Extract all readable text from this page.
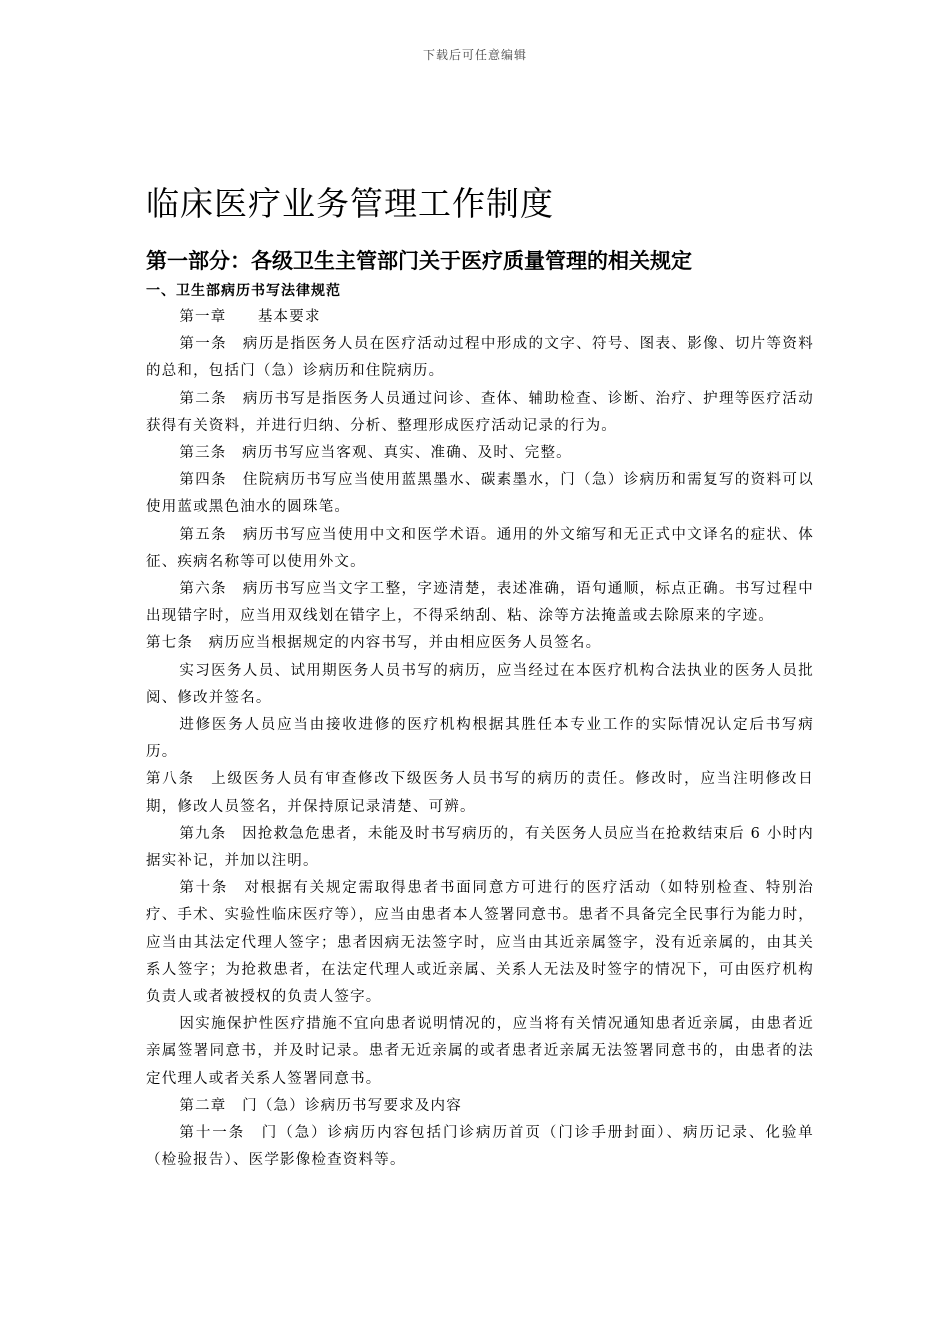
下载后可任意编辑
临床医疗业务管理工作制度
第一部分：各级卫生主管部门关于医疗质量管理的相关规定
一、卫生部病历书写法律规范

第一章　　基本要求

第一条　病历是指医务人员在医疗活动过程中形成的文字、符号、图表、影像、切片等资料的总和，包括门（急）诊病历和住院病历。

第二条　病历书写是指医务人员通过问诊、查体、辅助检查、诊断、治疗、护理等医疗活动获得有关资料，并进行归纳、分析、整理形成医疗活动记录的行为。

第三条　病历书写应当客观、真实、准确、及时、完整。

第四条　住院病历书写应当使用蓝黑墨水、碳素墨水，门（急）诊病历和需复写的资料可以使用蓝或黑色油水的圆珠笔。

第五条　病历书写应当使用中文和医学术语。通用的外文缩写和无正式中文译名的症状、体征、疾病名称等可以使用外文。

第六条　病历书写应当文字工整，字迹清楚，表述准确，语句通顺，标点正确。书写过程中出现错字时，应当用双线划在错字上，不得采纳刮、粘、涂等方法掩盖或去除原来的字迹。

第七条　病历应当根据规定的内容书写，并由相应医务人员签名。

实习医务人员、试用期医务人员书写的病历，应当经过在本医疗机构合法执业的医务人员批阅、修改并签名。

进修医务人员应当由接收进修的医疗机构根据其胜任本专业工作的实际情况认定后书写病历。

第八条　上级医务人员有审查修改下级医务人员书写的病历的责任。修改时，应当注明修改日期，修改人员签名，并保持原记录清楚、可辨。

第九条　因抢救急危患者，未能及时书写病历的，有关医务人员应当在抢救结束后 6 小时内据实补记，并加以注明。

第十条　对根据有关规定需取得患者书面同意方可进行的医疗活动（如特别检查、特别治疗、手术、实验性临床医疗等），应当由患者本人签署同意书。患者不具备完全民事行为能力时，应当由其法定代理人签字；患者因病无法签字时，应当由其近亲属签字，没有近亲属的，由其关系人签字；为抢救患者，在法定代理人或近亲属、关系人无法及时签字的情况下，可由医疗机构负责人或者被授权的负责人签字。

因实施保护性医疗措施不宜向患者说明情况的，应当将有关情况通知患者近亲属，由患者近亲属签署同意书，并及时记录。患者无近亲属的或者患者近亲属无法签署同意书的，由患者的法定代理人或者关系人签署同意书。

第二章　门（急）诊病历书写要求及内容

第十一条　门（急）诊病历内容包括门诊病历首页（门诊手册封面）、病历记录、化验单（检验报告）、医学影像检查资料等。
